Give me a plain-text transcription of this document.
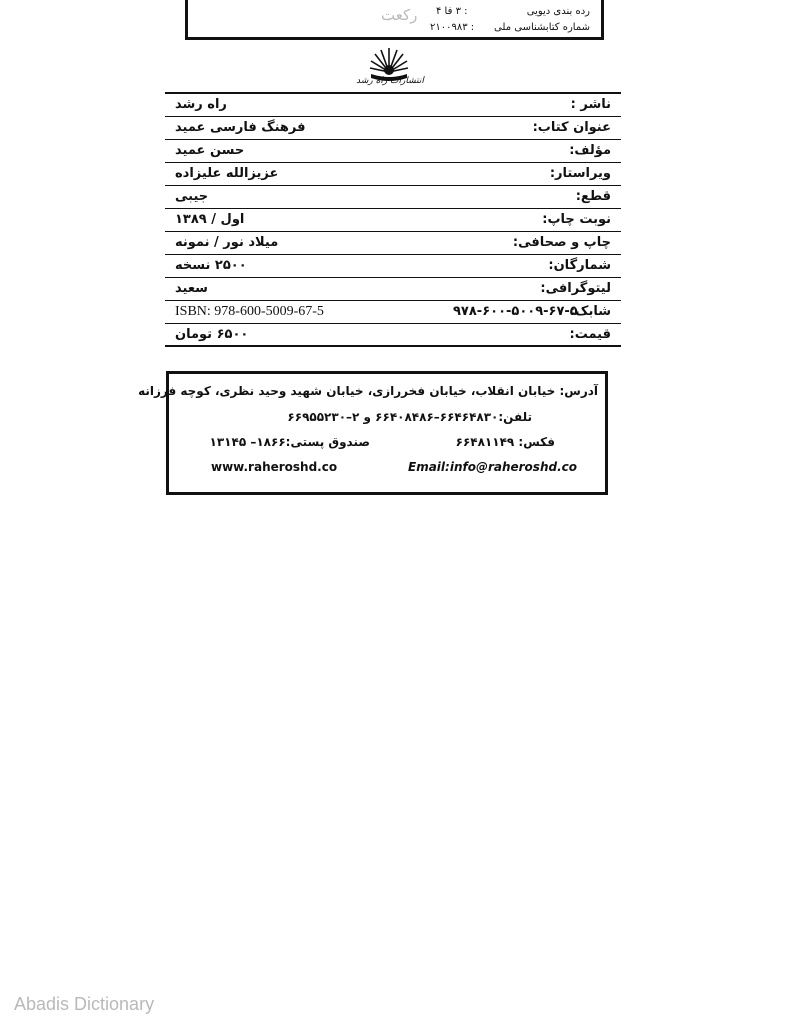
رده بندی دیویی
: ۳ فا ۴
شماره کتابشناسی ملی
: ۲۱۰۰۹۸۳
رکعت
انتشارات راه رشد
ناشر :
راه رشد
عنوان کتاب:
فرهنگ فارسی عمید
مؤلف:
حسن عمید
ویراستار:
عزیزالله علیزاده
قطع:
جیبی
نوبت چاپ:
اول / ۱۳۸۹
چاپ و صحافی:
میلاد نور / نمونه
شمارگان:
۲۵۰۰ نسخه
لیتوگرافی:
سعید
شابک:
ISBN: 978-600-5009-67-5	۹۷۸-۶۰۰-۵۰۰۹-۶۷-۵
قیمت:
۶۵۰۰ تومان
آدرس: خیابان انقلاب، خیابان فخررازی، خیابان شهید وحید نظری، کوچه فرزانه
تلفن:۶۶۴۶۴۸۳۰–۶۶۴۰۸۴۸۶ و ۲–۶۶۹۵۵۲۳۰
فکس: ۶۶۴۸۱۱۴۹
صندوق پستی:۱۸۶۶– ۱۳۱۴۵
www.raheroshd.co	Email:info@raheroshd.co
Abadis Dictionary
